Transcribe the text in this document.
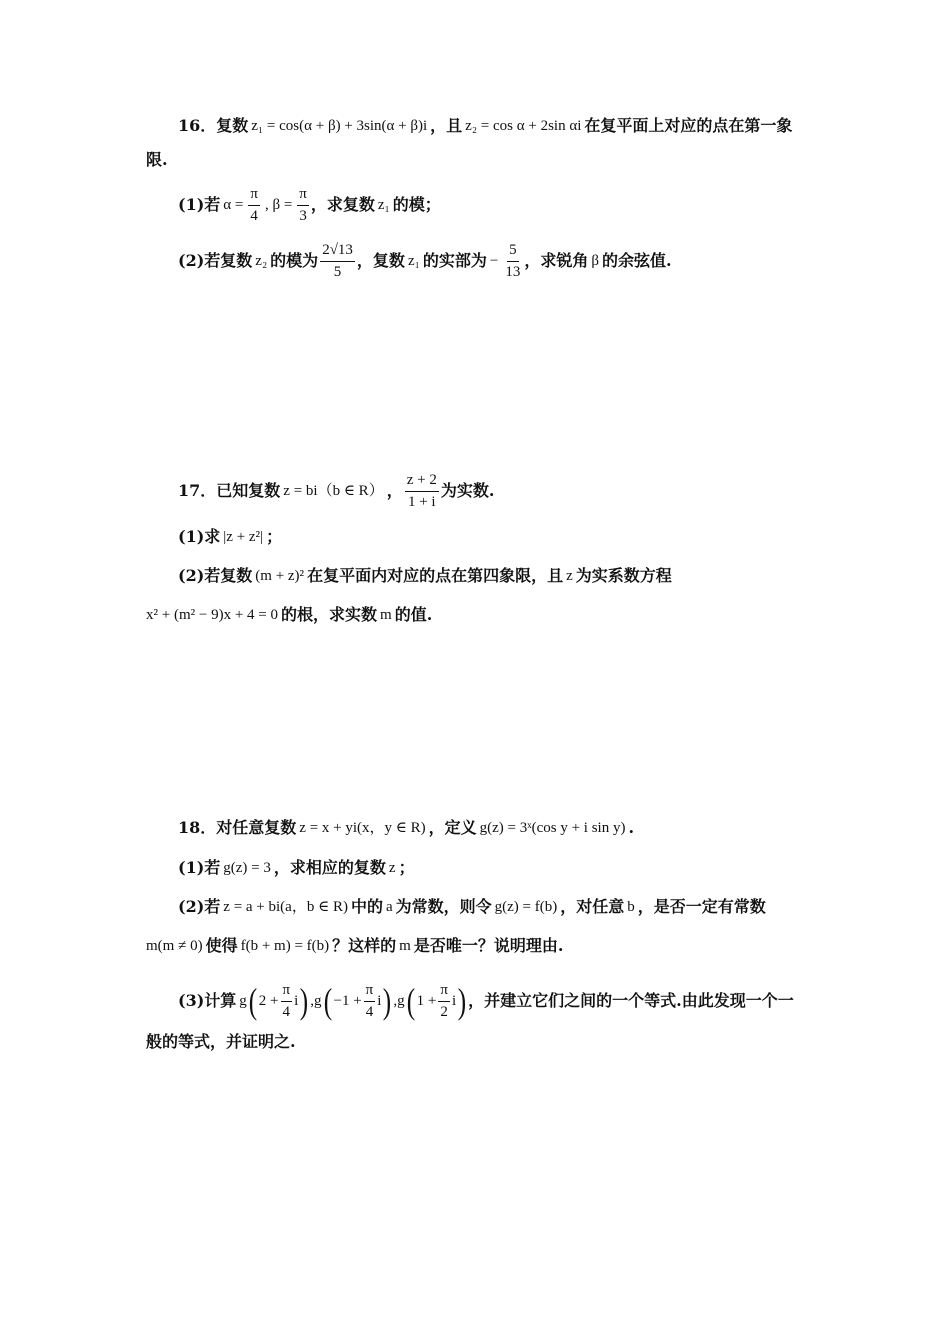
16． 复数 z₁ = cos(α + β) + 3sin(α + β)i ，且 z₂ = cos α + 2sin αi 在复平面上对应的点在第一象
限.
(1)若 $\alpha = \frac{\pi}{4}$ , $\beta = \frac{\pi}{3}$ ，求复数 z₁ 的模；
(2)若复数 z₂ 的模为 $\frac{2√13}{5}$ ，复数 z₁ 的实部为 − $\frac{5}{13}$ ，求锐角 β 的余弦值.
17． 已知复数 z = bi（b ∈ R） ， $\frac{z + 2}{1 + i}$ 为实数.
(1)求 |z + z²| ；
(2)若复数 (m + z)² 在复平面内对应的点在第四象限，且 z 为实系数方程
x² + (m² − 9)x + 4 = 0 的根，求实数 m 的值.
18． 对任意复数 z = x + yi(x，y ∈ R) ，定义 g(z) = 3ˣ(cos y + i sin y) .
(1)若 g(z) = 3 ，求相应的复数 z ；
(2)若 z = a + bi(a，b ∈ R) 中的 a 为常数，则令 g(z) = f(b) ，对任意 b ，是否一定有常数
m(m ≠ 0) 使得 f(b + m) = f(b) ？这样的 m 是否唯一？说明理由.
(3)计算 g ( $2 + \frac{\pi}{4}$ i ) , g ( $-1 + \frac{\pi}{4}$ i ) , g ( $1 + \frac{\pi}{2}$ i ) ，并建立它们之间的一个等式.由此发现一个一
般的等式，并证明之.
